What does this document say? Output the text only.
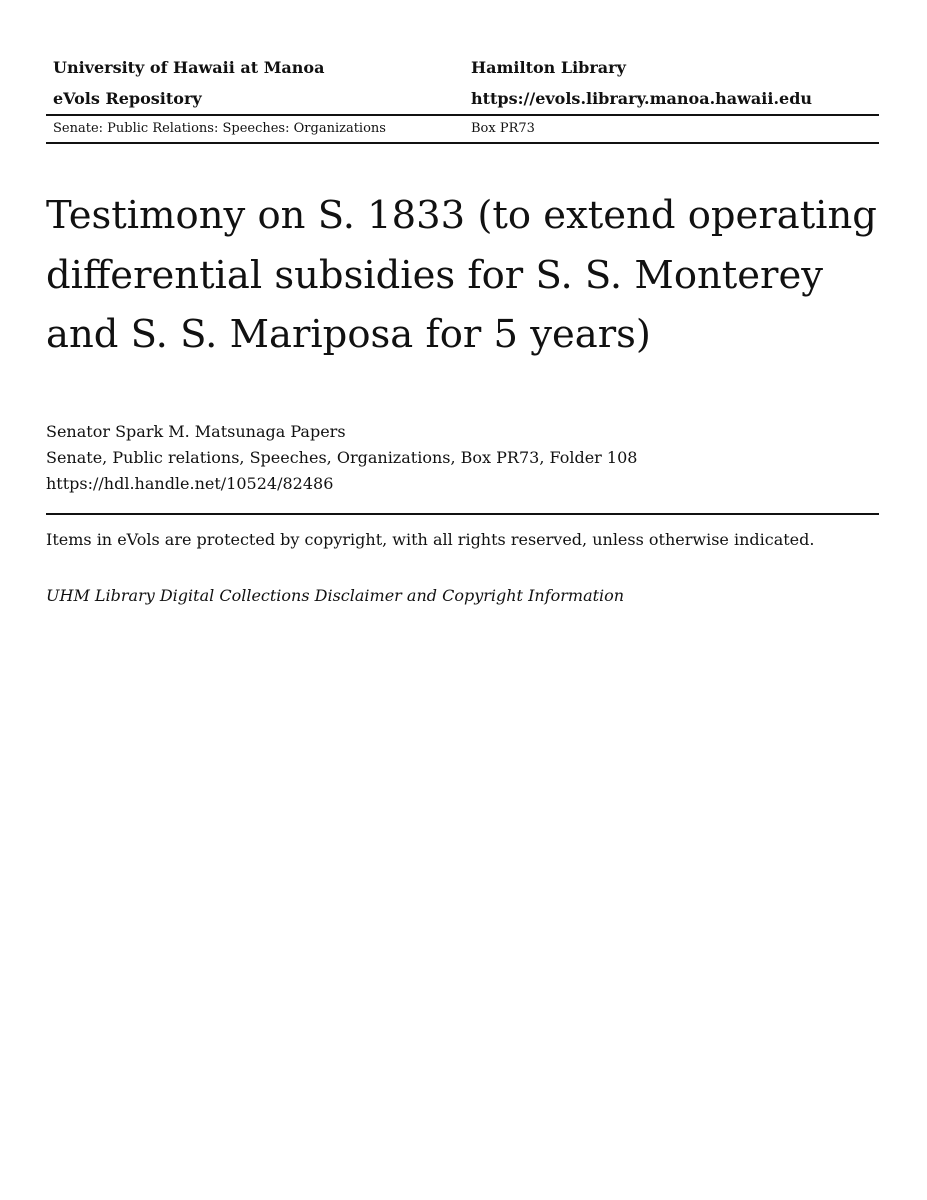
University of Hawaii at Manoa	Hamilton Library
eVols Repository	https://evols.library.manoa.hawaii.edu
Senate: Public Relations: Speeches: Organizations	Box PR73
Testimony on S. 1833 (to extend operating differential subsidies for S. S. Monterey and S. S. Mariposa for 5 years)
Senator Spark M. Matsunaga Papers
Senate, Public relations, Speeches, Organizations, Box PR73, Folder 108
https://hdl.handle.net/10524/82486
Items in eVols are protected by copyright, with all rights reserved, unless otherwise indicated.
UHM Library Digital Collections Disclaimer and Copyright Information
